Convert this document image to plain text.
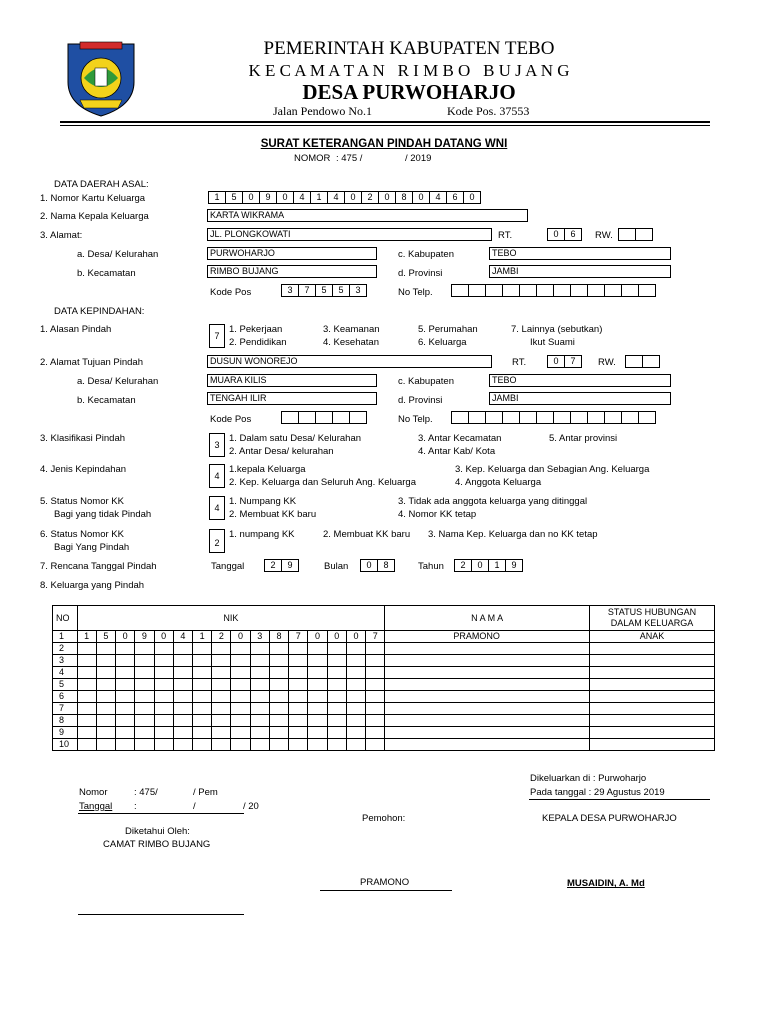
PEMERINTAH KABUPATEN TEBO
K E C A M A T A N   R I M B O   B U J A N G
DESA PURWOHARJO
Jalan Pendowo No.1	Kode Pos. 37553
SURAT KETERANGAN PINDAH DATANG WNI
NOMOR : 475 /	/ 2019
DATA DAERAH ASAL:
1. Nomor Kartu Keluarga	1	5	0	9	0	4	1	4	0	2	0	8	0	4	6	0
2. Nama Kepala Keluarga	KARTA WIKRAMA
3. Alamat:	JL. PLONGKOWATI	RT.	0	6	RW.
a. Desa/ Kelurahan	PURWOHARJO	c. Kabupaten	TEBO
b. Kecamatan	RIMBO BUJANG	d. Provinsi	JAMBI
Kode Pos	3	7	5	5	3	No Telp.
DATA KEPINDAHAN:
1. Alasan Pindah
7
1. Pekerjaan	3. Keamanan	5. Perumahan	7. Lainnya (sebutkan)
2. Pendidikan	4. Kesehatan	6. Keluarga	Ikut Suami
2. Alamat Tujuan Pindah	DUSUN WONOREJO	RT.	0	7	RW.
a. Desa/ Kelurahan	MUARA KILIS	c. Kabupaten	TEBO
b. Kecamatan	TENGAH ILIR	d. Provinsi	JAMBI
Kode Pos	No Telp.
3. Klasifikasi Pindah
3
1. Dalam satu Desa/ Kelurahan	3. Antar Kecamatan	5. Antar provinsi
2. Antar Desa/ kelurahan	4. Antar Kab/ Kota
4. Jenis Kepindahan
4
1.kepala Keluarga	3. Kep. Keluarga dan Sebagian Ang. Keluarga
2. Kep. Keluarga dan Seluruh Ang. Keluarga	4. Anggota Keluarga
5. Status Nomor KK
Bagi yang tidak Pindah
4
1. Numpang KK	3. Tidak ada anggota keluarga yang ditinggal
2. Membuat KK baru	4. Nomor KK tetap
6. Status Nomor KK
Bagi Yang Pindah	2
1. numpang KK	2. Membuat KK baru 3. Nama Kep. Keluarga dan no KK tetap
7. Rencana Tanggal Pindah	Tanggal	2	9	Bulan	0	8	Tahun	2	0	1	9
8. Keluarga yang Pindah
NO	NIK																N A M A	STATUS HUBUNGAN
DALAM KELUARGA

1	1	5	0	9	0	4	1	2	0	3	8	7	0	0	0	7	PRAMONO	ANAK
2																		
3																		
4																		
5																		
6																		
7																		
8																		
9																		
10																		
Dikeluarkan di : Purwoharjo
Pada tanggal : 29 Agustus 2019
Nomor	: 475/	/ Pem
Tanggal :	/	/ 20
Pemohon:	KEPALA DESA PURWOHARJO
Diketahui Oleh:
CAMAT RIMBO BUJANG
PRAMONO	MUSAIDIN, A. Md
